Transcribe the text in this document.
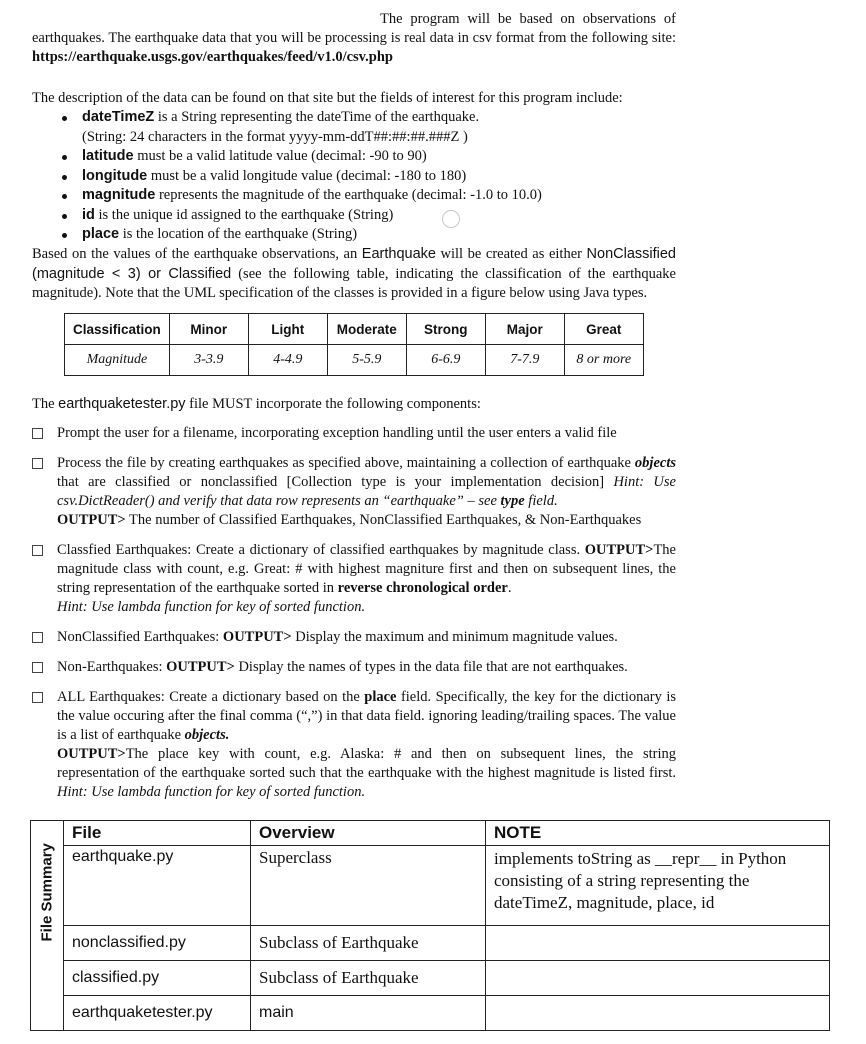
The program will be based on observations of earthquakes. The earthquake data that you will be processing is real data in csv format from the following site: https://earthquake.usgs.gov/earthquakes/feed/v1.0/csv.php

The description of the data can be found on that site but the fields of interest for this program include:

dateTimeZ is a String representing the dateTime of the earthquake.
(String: 24 characters in the format yyyy-mm-ddT##:##:##.###Z )
latitude must be a valid latitude value (decimal: -90 to 90)
longitude must be a valid longitude value (decimal: -180 to 180)
magnitude represents the magnitude of the earthquake (decimal: -1.0 to 10.0)
id is the unique id assigned to the earthquake (String)
place is the location of the earthquake (String)
Based on the values of the earthquake observations, an Earthquake will be created as either NonClassified (magnitude < 3) or Classified (see the following table, indicating the classification of the earthquake magnitude). Note that the UML specification of the classes is provided in a figure below using Java types.
Classification	Minor	Light	Moderate	Strong	Major	Great
Magnitude	3-3.9	4-4.9	5-5.9	6-6.9	7-7.9	8 or more
The earthquaketester.py file MUST incorporate the following components:
Prompt the user for a filename, incorporating exception handling until the user enters a valid file
Process the file by creating earthquakes as specified above, maintaining a collection of earthquake objects that are classified or nonclassified [Collection type is your implementation decision] Hint: Use csv.DictReader() and verify that data row represents an “earthquake” – see type field.
OUTPUT> The number of Classified Earthquakes, NonClassified Earthquakes, & Non-Earthquakes
Classfied Earthquakes: Create a dictionary of classified earthquakes by magnitude class. OUTPUT>The magnitude class with count, e.g. Great: # with highest magniture first and then on subsequent lines, the string representation of the earthquake sorted in reverse chronological order.
Hint: Use lambda function for key of sorted function.
NonClassified Earthquakes: OUTPUT> Display the maximum and minimum magnitude values.
Non-Earthquakes: OUTPUT> Display the names of types in the data file that are not earthquakes.
ALL Earthquakes: Create a dictionary based on the place field. Specifically, the key for the dictionary is the value occuring after the final comma (“,”) in that data field. ignoring leading/trailing spaces. The value is a list of earthquake objects.
OUTPUT>The place key with count, e.g. Alaska: # and then on subsequent lines, the string representation of the earthquake sorted such that the earthquake with the highest magnitude is listed first. Hint: Use lambda function for key of sorted function.
File Summary	File	Overview	NOTE
	earthquake.py	Superclass	implements toString as __repr__ in Python consisting of a string representing the dateTimeZ, magnitude, place, id
	nonclassified.py	Subclass of Earthquake	
	classified.py	Subclass of Earthquake	
	earthquaketester.py	main	
